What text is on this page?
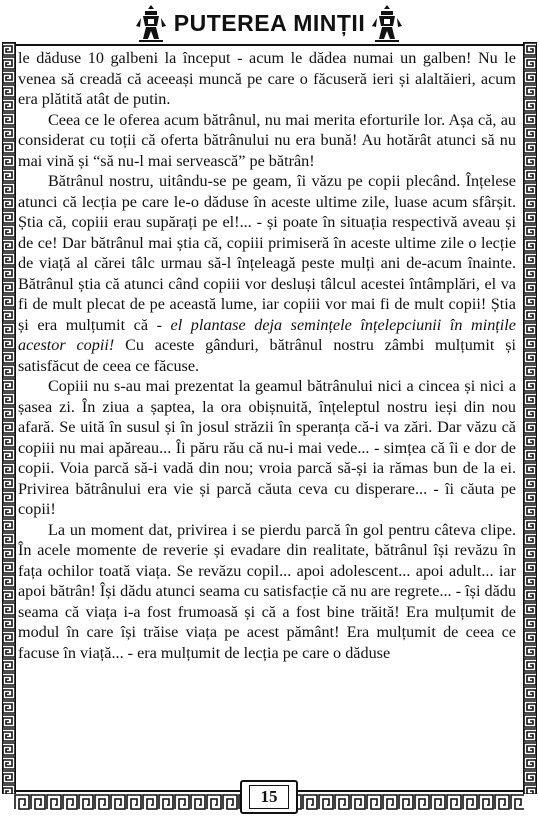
PUTEREA MINȚII

le dăduse 10 galbeni la început - acum le dădea numai un galben! Nu le venea să creadă că aceeași muncă pe care o făcuseră ieri și alaltăieri, acum era plătită atât de putin.

Ceea ce le oferea acum bătrânul, nu mai merita eforturile lor. Așa că, au considerat cu toții că oferta bătrânului nu era bună! Au hotărât atunci să nu mai vină și “să nu-l mai servească” pe bătrân!

Bătrânul nostru, uitându-se pe geam, îi văzu pe copii plecând. Înțelese atunci că lecția pe care le-o dăduse în aceste ultime zile, luase acum sfârșit. Știa că, copiii erau supărați pe el!... - și poate în situația respectivă aveau și de ce! Dar bătrânul mai știa că, copiii primiseră în aceste ultime zile o lecție de viață al cărei tâlc urmau să-l înțeleagă peste mulți ani de-acum înainte. Bătrânul știa că atunci când copiii vor desluși tâlcul acestei întâmplări, el va fi de mult plecat de pe această lume, iar copiii vor mai fi de mult copii! Știa și era mulțumit că - el plantase deja semințele înțelepciunii în mințile acestor copii! Cu aceste gânduri, bătrânul nostru zâmbi mulțumit și satisfăcut de ceea ce făcuse.

Copiii nu s-au mai prezentat la geamul bătrânului nici a cincea și nici a șasea zi. În ziua a șaptea, la ora obișnuită, înțeleptul nostru ieși din nou afară. Se uită în susul și în josul străzii în speranța că-i va zări. Dar văzu că copiii nu mai apăreau... Îi păru rău că nu-i mai vede... - simțea că îi e dor de copii. Voia parcă să-i vadă din nou; vroia parcă să-și ia rămas bun de la ei. Privirea bătrânului era vie și parcă căuta ceva cu disperare... - îi căuta pe copii!

La un moment dat, privirea i se pierdu parcă în gol pentru câteva clipe. În acele momente de reverie și evadare din realitate, bătrânul își revăzu în fața ochilor toată viața. Se revăzu copil... apoi adolescent... apoi adult... iar apoi bătrân! Își dădu atunci seama cu satisfacție că nu are regrete... - își dădu seama că viața i-a fost frumoasă și că a fost bine trăită! Era mulțumit de modul în care își trăise viața pe acest pământ! Era mulțumit de ceea ce facuse în viață... - era mulțumit de lecția pe care o dăduse

15
